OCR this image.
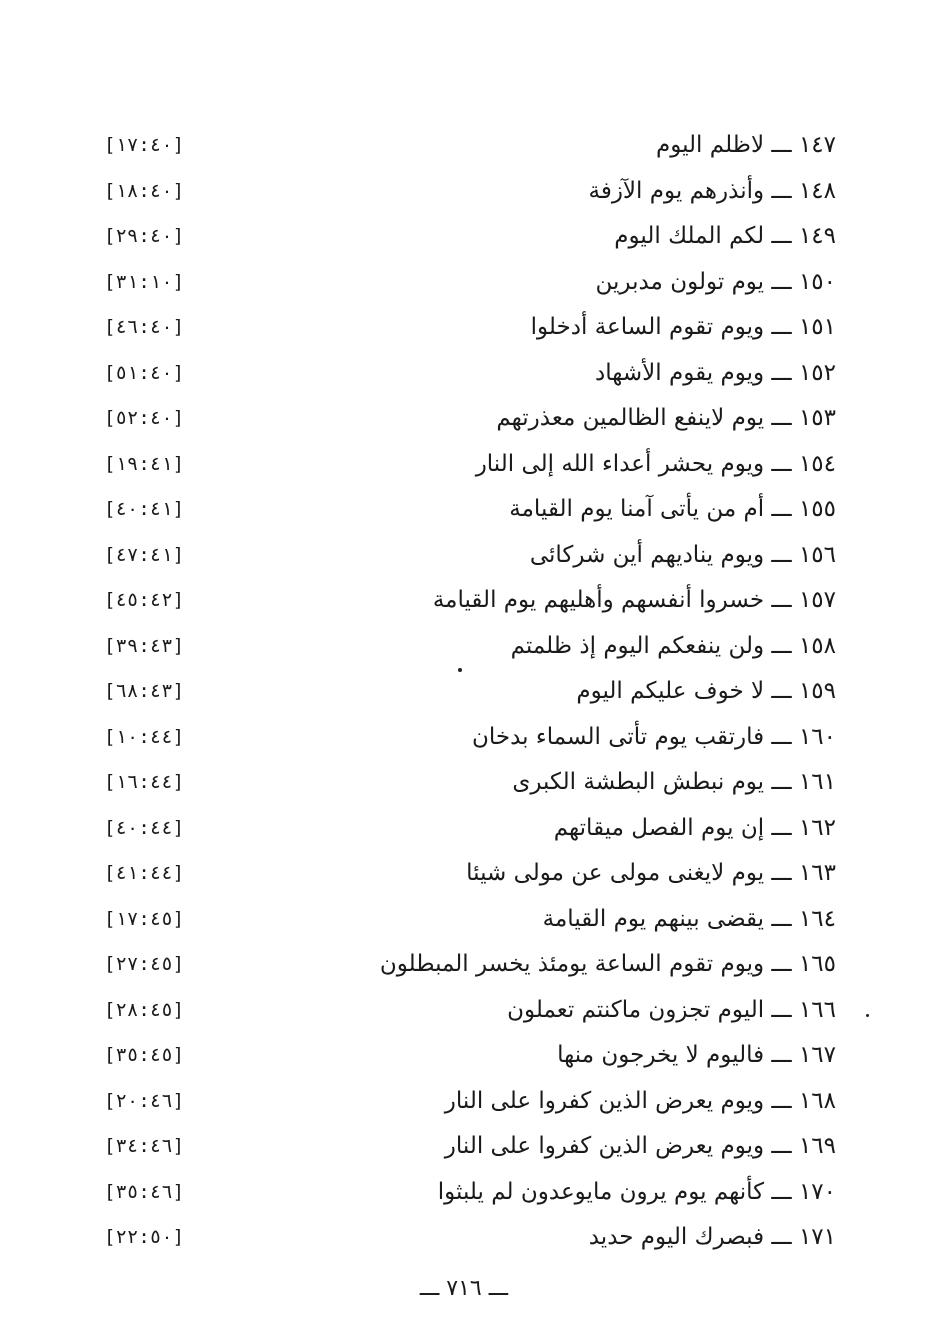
١٤٧ ـــ لاظلم اليوم
[١٧:٤٠]
١٤٨ ـــ وأنذرهم يوم الآزفة
[١٨:٤٠]
١٤٩ ـــ لكم الملك اليوم
[٢٩:٤٠]
١٥٠ ـــ يوم تولون مدبرين
[٣١:١٠]
١٥١ ـــ ويوم تقوم الساعة أدخلوا
[٤٦:٤٠]
١٥٢ ـــ ويوم يقوم الأشهاد
[٥١:٤٠]
١٥٣ ـــ يوم لاينفع الظالمين معذرتهم
[٥٢:٤٠]
١٥٤ ـــ ويوم يحشر أعداء الله إلى النار
[١٩:٤١]
١٥٥ ـــ أم من يأتى آمنا يوم القيامة
[٤٠:٤١]
١٥٦ ـــ ويوم يناديهم أين شركائى
[٤٧:٤١]
١٥٧ ـــ خسروا أنفسهم وأهليهم يوم القيامة
[٤٥:٤٢]
١٥٨ ـــ ولن ينفعكم اليوم إذ ظلمتم
[٣٩:٤٣]
١٥٩ ـــ لا خوف عليكم اليوم
[٦٨:٤٣]
١٦٠ ـــ فارتقب يوم تأتى السماء بدخان
[١٠:٤٤]
١٦١ ـــ يوم نبطش البطشة الكبرى
[١٦:٤٤]
١٦٢ ـــ إن يوم الفصل ميقاتهم
[٤٠:٤٤]
١٦٣ ـــ يوم لايغنى مولى عن مولى شيئا
[٤١:٤٤]
١٦٤ ـــ يقضى بينهم يوم القيامة
[١٧:٤٥]
١٦٥ ـــ ويوم تقوم الساعة يومئذ يخسر المبطلون
[٢٧:٤٥]
١٦٦ ـــ اليوم تجزون ماكنتم تعملون
[٢٨:٤٥]
١٦٧ ـــ فاليوم لا يخرجون منها
[٣٥:٤٥]
١٦٨ ـــ ويوم يعرض الذين كفروا على النار
[٢٠:٤٦]
١٦٩ ـــ ويوم يعرض الذين كفروا على النار
[٣٤:٤٦]
١٧٠ ـــ كأنهم يوم يرون مايوعدون لم يلبثوا
[٣٥:٤٦]
١٧١ ـــ فبصرك اليوم حديد
[٢٢:٥٠]
ـــ ٧١٦ ـــ
